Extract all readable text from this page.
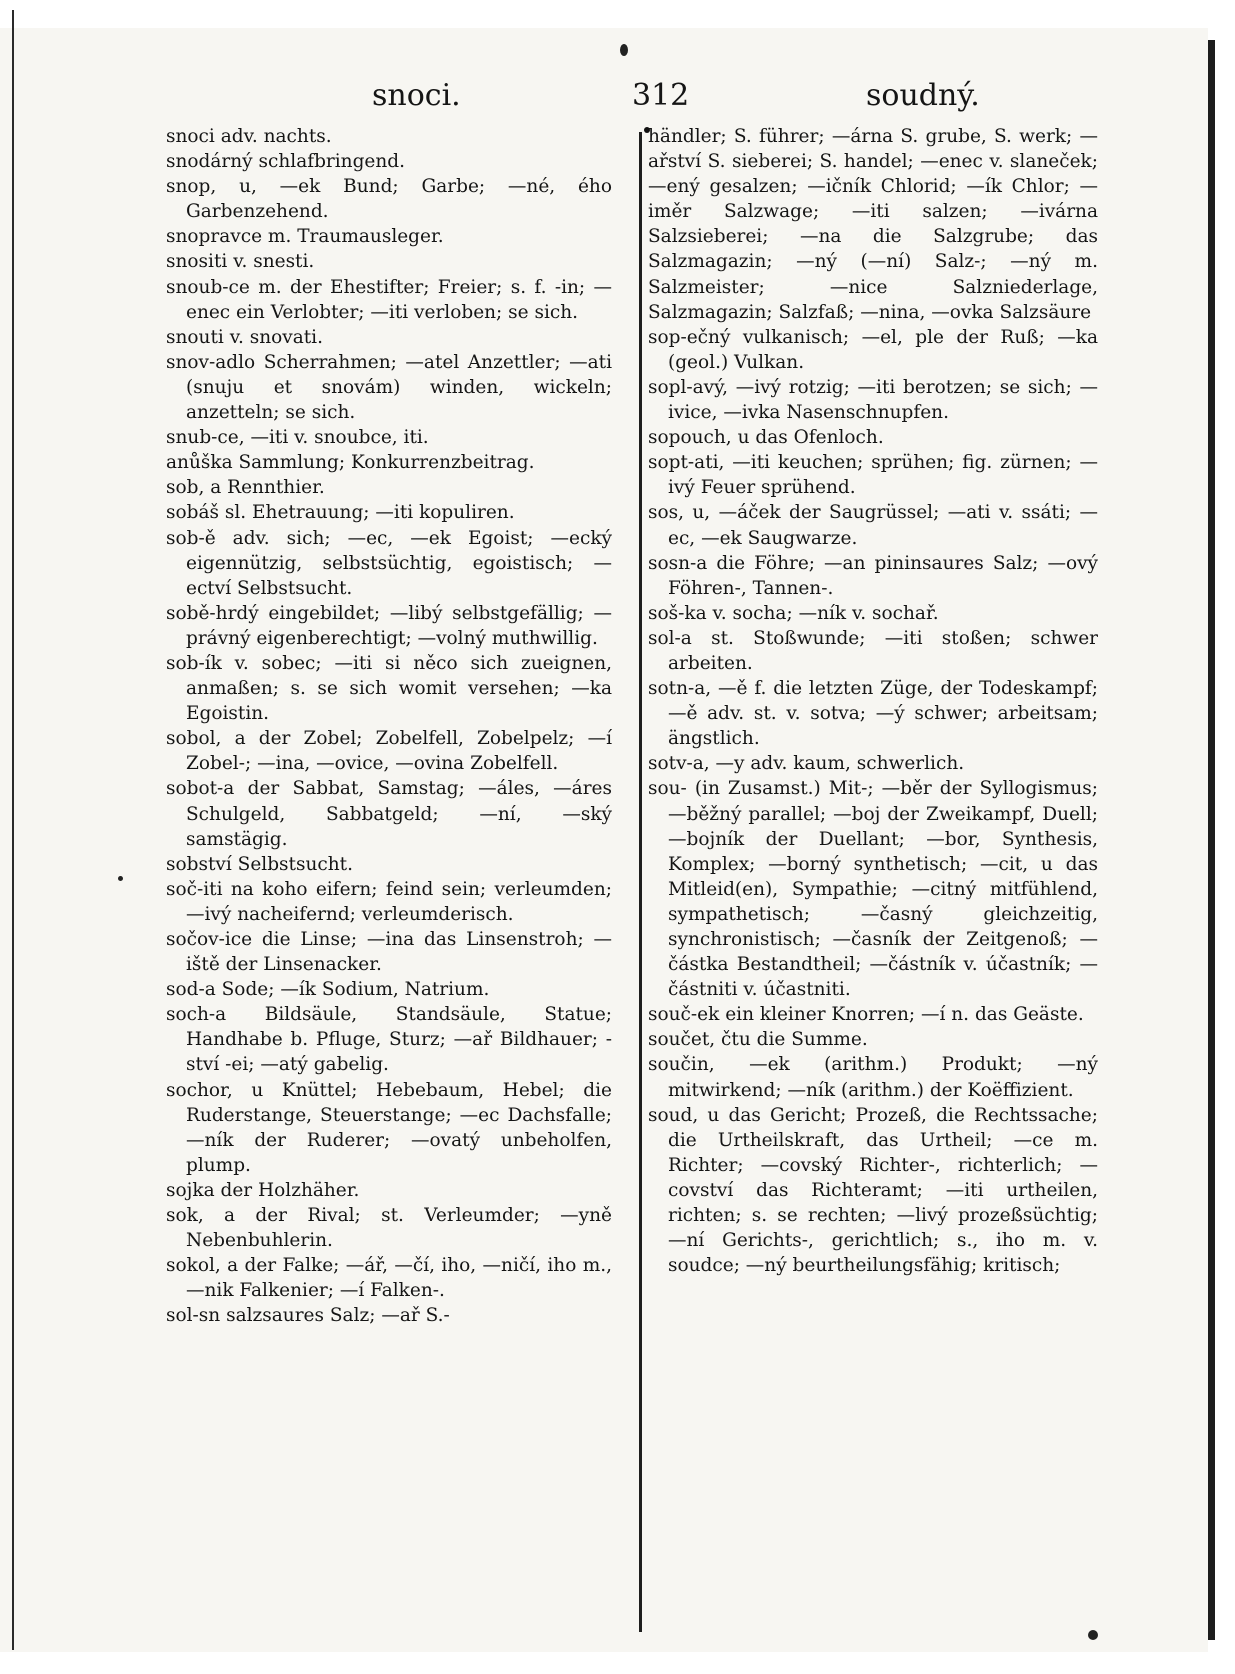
snoci.	312	soudný.
snoci adv. nachts.
snodárný schlafbringend.
snop, u, —ek Bund; Garbe; —né, ého Garbenzehend.
snopravce m. Traumausleger.
snositi v. snesti.
snoub-ce m. der Ehestifter; Freier; s. f. -in; —enec ein Verlobter; —iti verloben; se sich.
snouti v. snovati.
snov-adlo Scherrahmen; —atel Anzettler; —ati (snuju et snovám) winden, wickeln; anzetteln; se sich.
snub-ce, —iti v. snoubce, iti.
anůška Sammlung; Konkurrenzbeitrag.
sob, a Rennthier.
sobáš sl. Ehetrauung; —iti kopuliren.
sob-ě adv. sich; —ec, —ek Egoist; —ecký eigennützig, selbstsüchtig, egoistisch; —ectví Selbstsucht.
sobě-hrdý eingebildet; —libý selbstgefällig; —právný eigenberechtigt; —volný muthwillig.
sob-ík v. sobec; —iti si něco sich zueignen, anmaßen; s. se sich womit versehen; —ka Egoistin.
sobol, a der Zobel; Zobelfell, Zobelpelz; —í Zobel-; —ina, —ovice, —ovina Zobelfell.
sobot-a der Sabbat, Samstag; —áles, —áres Schulgeld, Sabbatgeld; —ní, —ský samstägig.
sobství Selbstsucht.
soč-iti na koho eifern; feind sein; verleumden; —ivý nacheifernd; verleumderisch.
sočov-ice die Linse; —ina das Linsenstroh; —iště der Linsenacker.
sod-a Sode; —ík Sodium, Natrium.
soch-a Bildsäule, Standsäule, Statue; Handhabe b. Pfluge, Sturz; —ař Bildhauer; -ství -ei; —atý gabelig.
sochor, u Knüttel; Hebebaum, Hebel; die Ruderstange, Steuerstange; —ec Dachsfalle; —ník der Ruderer; —ovatý unbeholfen, plump.
sojka der Holzhäher.
sok, a der Rival; st. Verleumder; —yně Nebenbuhlerin.
sokol, a der Falke; —ář, —čí, iho, —ničí, iho m., —nik Falkenier; —í Falken-.
sol-sn salzsaures Salz; —ař S.-
händler; S. führer; —árna S. grube, S. werk; —ařství S. sieberei; S. handel; —enec v. slaneček; —ený gesalzen; —ičník Chlorid; —ík Chlor; —iměr Salzwage; —iti salzen; —ivárna Salzsieberei; —na die Salzgrube; das Salzmagazin; —ný (—ní) Salz-; —ný m. Salzmeister; —nice Salzniederlage, Salzmagazin; Salzfaß; —nina, —ovka Salzsäure
sop-ečný vulkanisch; —el, ple der Ruß; —ka (geol.) Vulkan.
sopl-avý, —ivý rotzig; —iti berotzen; se sich; —ivice, —ivka Nasenschnupfen.
sopouch, u das Ofenloch.
sopt-ati, —iti keuchen; sprühen; fig. zürnen; —ivý Feuer sprühend.
sos, u, —áček der Saugrüssel; —ati v. ssáti; —ec, —ek Saugwarze.
sosn-a die Föhre; —an pininsaures Salz; —ový Föhren-, Tannen-.
soš-ka v. socha; —ník v. sochař.
sol-a st. Stoßwunde; —iti stoßen; schwer arbeiten.
sotn-a, —ě f. die letzten Züge, der Todeskampf; —ě adv. st. v. sotva; —ý schwer; arbeitsam; ängstlich.
sotv-a, —y adv. kaum, schwerlich.
sou- (in Zusamst.) Mit-; —běr der Syllogismus; —běžný parallel; —boj der Zweikampf, Duell; —bojník der Duellant; —bor, Synthesis, Komplex; —borný synthetisch; —cit, u das Mitleid(en), Sympathie; —citný mitfühlend, sympathetisch; —časný gleichzeitig, synchronistisch; —časník der Zeitgenoß; —částka Bestandtheil; —částník v. účastník; —částniti v. účastniti.
souč-ek ein kleiner Knorren; —í n. das Geäste.
součet, čtu die Summe.
součin, —ek (arithm.) Produkt; —ný mitwirkend; —ník (arithm.) der Koëffizient.
soud, u das Gericht; Prozeß, die Rechtssache; die Urtheilskraft, das Urtheil; —ce m. Richter; —covský Richter-, richterlich; —covství das Richteramt; —iti urtheilen, richten; s. se rechten; —livý prozeßsüchtig; —ní Gerichts-, gerichtlich; s., iho m. v. soudce; —ný beurtheilungsfähig; kritisch;
